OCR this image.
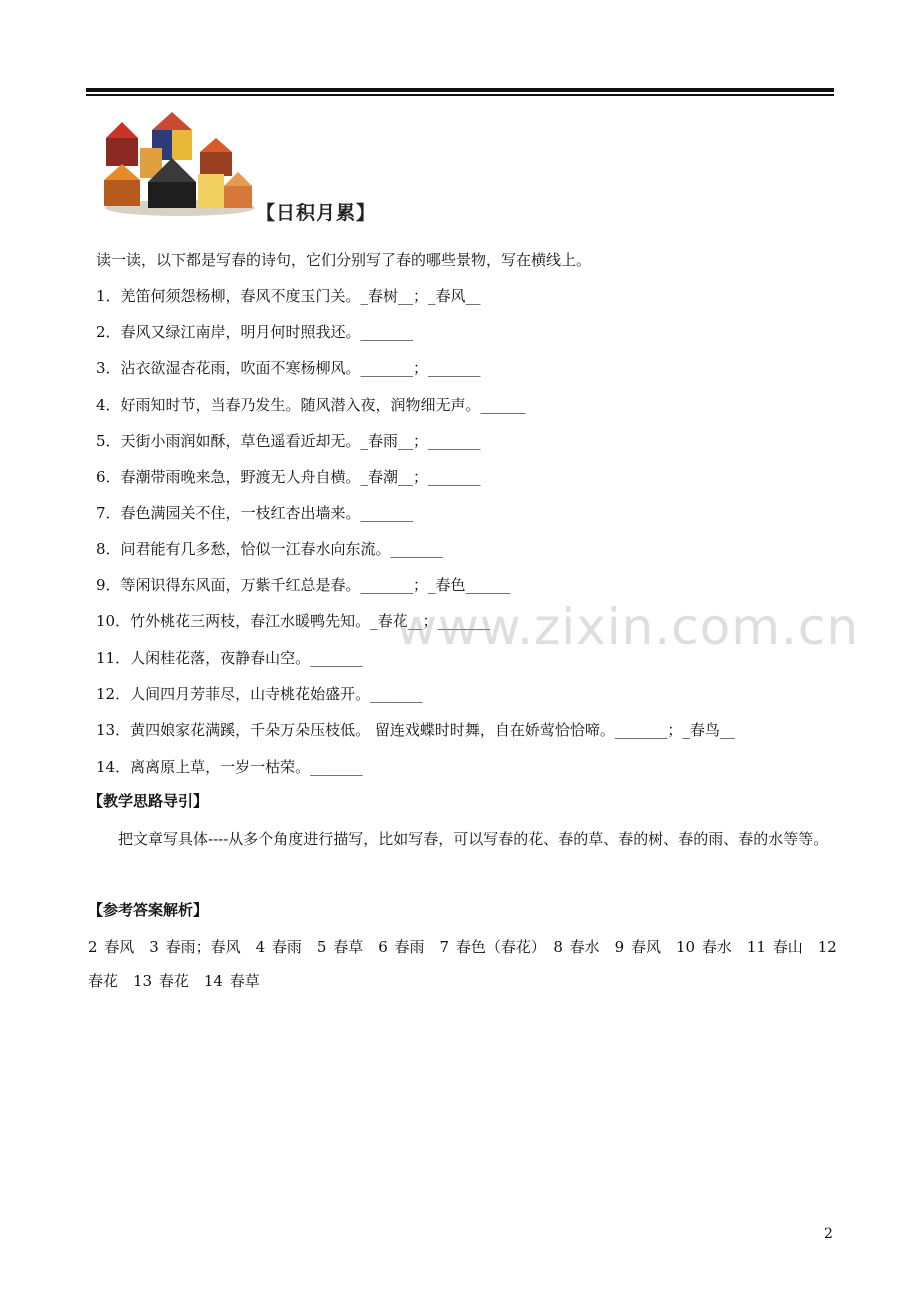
【日积月累】
读一读，以下都是写春的诗句，它们分别写了春的哪些景物，写在横线上。
1．羌笛何须怨杨柳，春风不度玉门关。_春树__；_春风__
2．春风又绿江南岸，明月何时照我还。_______
3．沾衣欲湿杏花雨，吹面不寒杨柳风。_______；_______
4．好雨知时节，当春乃发生。随风潜入夜，润物细无声。______
5．天街小雨润如酥，草色遥看近却无。_春雨__；_______
6．春潮带雨晚来急，野渡无人舟自横。_春潮__；_______
7．春色满园关不住，一枝红杏出墙来。_______
8．问君能有几多愁，恰似一江春水向东流。_______
9．等闲识得东风面，万紫千红总是春。_______；_春色______
10．竹外桃花三两枝，春江水暖鸭先知。_春花__；_______
11．人闲桂花落，夜静春山空。_______
12．人间四月芳菲尽，山寺桃花始盛开。_______
13．黄四娘家花满蹊，千朵万朵压枝低。 留连戏蝶时时舞，自在娇莺恰恰啼。_______；_春鸟__
14．离离原上草，一岁一枯荣。_______
【教学思路导引】
把文章写具体----从多个角度进行描写，比如写春，可以写春的花、春的草、春的树、春的雨、春的水等等。
【参考答案解析】
2 春风　3 春雨；春风　4 春雨　5 春草　6 春雨　7 春色（春花）　8 春水　9 春风　10 春水　11 春山　12 春花　13 春花　14 春草
www.zixin.com.cn
2
